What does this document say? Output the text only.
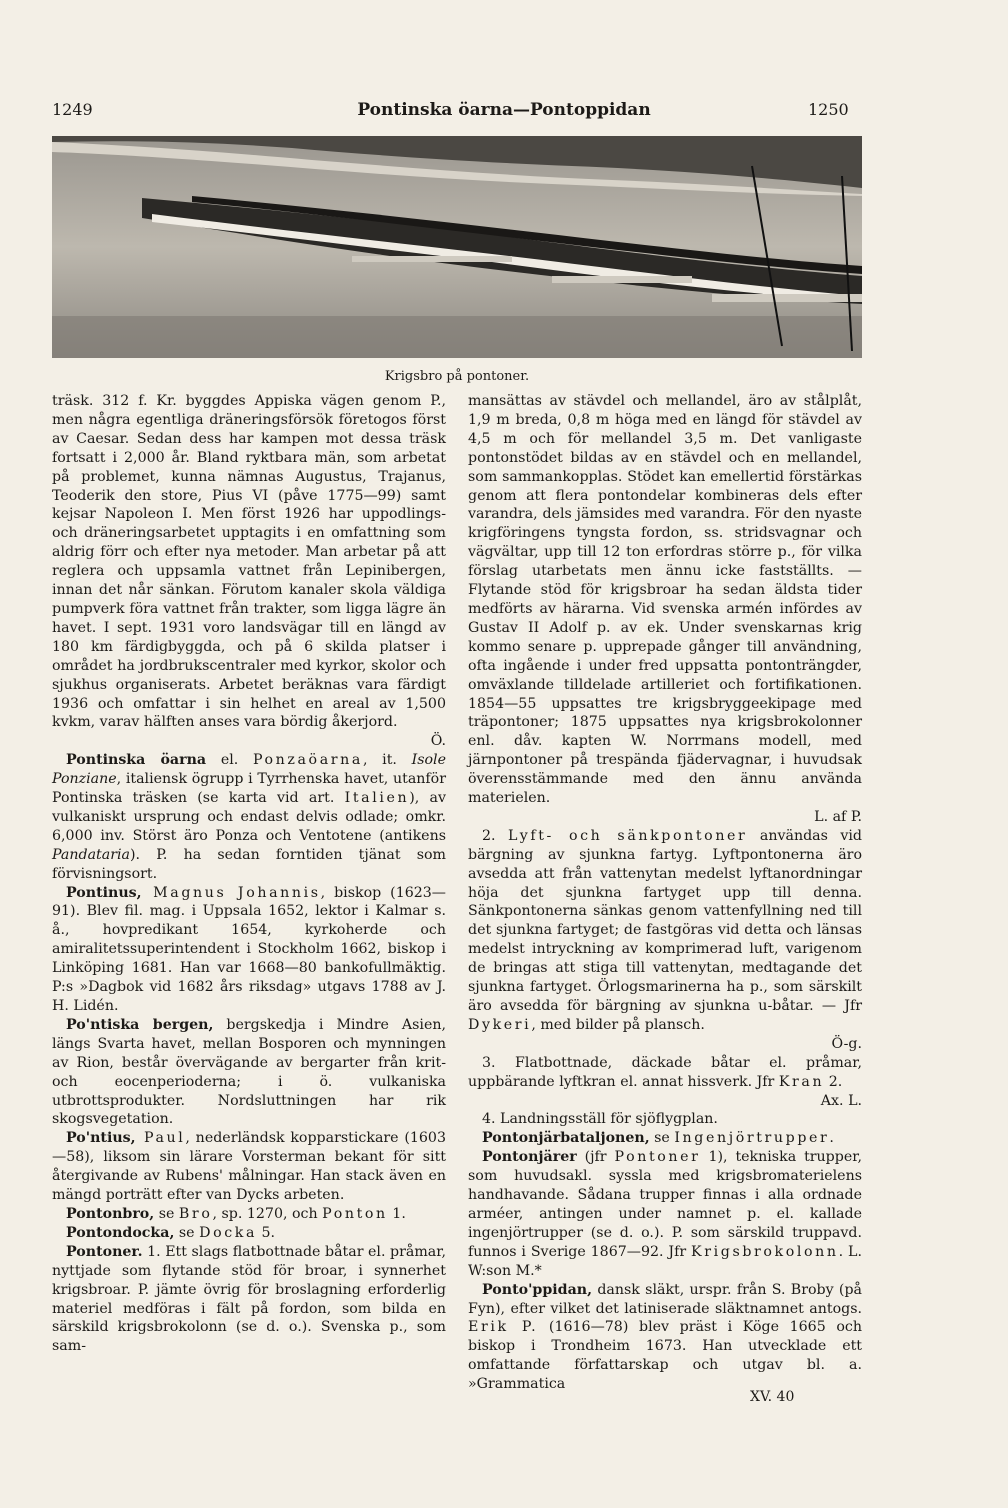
1249	Pontinska öarna—Pontoppidan	1250
Krigsbro på pontoner.

träsk. 312 f. Kr. byggdes Appiska vägen genom P., men några egentliga dräneringsförsök företogos först av Caesar. Sedan dess har kampen mot dessa träsk fortsatt i 2,000 år. Bland ryktbara män, som arbetat på problemet, kunna nämnas Augustus, Trajanus, Teoderik den store, Pius VI (påve 1775—99) samt kejsar Napoleon I. Men först 1926 har uppodlings- och dräneringsarbetet upptagits i en omfattning som aldrig förr och efter nya metoder. Man arbetar på att reglera och uppsamla vattnet från Lepinibergen, innan det når sänkan. Förutom kanaler skola väldiga pumpverk föra vattnet från trakter, som ligga lägre än havet. I sept. 1931 voro landsvägar till en längd av 180 km färdigbyggda, och på 6 skilda platser i området ha jordbrukscentraler med kyrkor, skolor och sjukhus organiserats. Arbetet beräknas vara färdigt 1936 och omfattar i sin helhet en areal av 1,500 kvkm, varav hälften anses vara bördig åkerjord.
Ö.

Pontinska öarna el. Ponzaöarna, it. Isole Ponziane, italiensk ögrupp i Tyrrhenska havet, utanför Pontinska träsken (se karta vid art. Italien), av vulkaniskt ursprung och endast delvis odlade; omkr. 6,000 inv. Störst äro Ponza och Ventotene (antikens Pandataria). P. ha sedan forntiden tjänat som förvisningsort.

Pontinus, Magnus Johannis, biskop (1623—91). Blev fil. mag. i Uppsala 1652, lektor i Kalmar s. å., hovpredikant 1654, kyrkoherde och amiralitetssuperintendent i Stockholm 1662, biskop i Linköping 1681. Han var 1668—80 bankofullmäktig. P:s »Dagbok vid 1682 års riksdag» utgavs 1788 av J. H. Lidén.

Po'ntiska bergen, bergskedja i Mindre Asien, längs Svarta havet, mellan Bosporen och mynningen av Rion, består övervägande av bergarter från krit- och eocenperioderna; i ö. vulkaniska utbrottsprodukter. Nordsluttningen har rik skogsvegetation.

Po'ntius, Paul, nederländsk kopparstickare (1603—58), liksom sin lärare Vorsterman bekant för sitt återgivande av Rubens' målningar. Han stack även en mängd porträtt efter van Dycks arbeten.

Pontonbro, se Bro, sp. 1270, och Ponton 1.

Pontondocka, se Docka 5.

Pontoner. 1. Ett slags flatbottnade båtar el. pråmar, nyttjade som flytande stöd för broar, i synnerhet krigsbroar. P. jämte övrig för broslagning erforderlig materiel medföras i fält på fordon, som bilda en särskild krigsbrokolonn (se d. o.). Svenska p., som sam-

mansättas av stävdel och mellandel, äro av stålplåt, 1,9 m breda, 0,8 m höga med en längd för stävdel av 4,5 m och för mellandel 3,5 m. Det vanligaste pontonstödet bildas av en stävdel och en mellandel, som sammankopplas. Stödet kan emellertid förstärkas genom att flera pontondelar kombineras dels efter varandra, dels jämsides med varandra. För den nyaste krigföringens tyngsta fordon, ss. stridsvagnar och vägvältar, upp till 12 ton erfordras större p., för vilka förslag utarbetats men ännu icke fastställts. — Flytande stöd för krigsbroar ha sedan äldsta tider medförts av härarna. Vid svenska armén infördes av Gustav II Adolf p. av ek. Under svenskarnas krig kommo senare p. upprepade gånger till användning, ofta ingående i under fred uppsatta pontonträngder, omväxlande tilldelade artilleriet och fortifikationen. 1854—55 uppsattes tre krigsbryggeekipage med träpontoner; 1875 uppsattes nya krigsbrokolonner enl. dåv. kapten W. Norrmans modell, med järnpontoner på trespända fjädervagnar, i huvudsak överensstämmande med den ännu använda materielen.
L. af P.

2. Lyft- och sänkpontoner användas vid bärgning av sjunkna fartyg. Lyftpontonerna äro avsedda att från vattenytan medelst lyftanordningar höja det sjunkna fartyget upp till denna. Sänkpontonerna sänkas genom vattenfyllning ned till det sjunkna fartyget; de fastgöras vid detta och länsas medelst intryckning av komprimerad luft, varigenom de bringas att stiga till vattenytan, medtagande det sjunkna fartyget. Örlogsmarinerna ha p., som särskilt äro avsedda för bärgning av sjunkna u-båtar. — Jfr Dykeri, med bilder på plansch.
Ö-g.

3. Flatbottnade, däckade båtar el. pråmar, uppbärande lyftkran el. annat hissverk. Jfr Kran 2.
Ax. L.

4. Landningsställ för sjöflygplan.

Pontonjärbataljonen, se Ingenjörtrupper.

Pontonjärer (jfr Pontoner 1), tekniska trupper, som huvudsakl. syssla med krigsbromaterielens handhavande. Sådana trupper finnas i alla ordnade arméer, antingen under namnet p. el. kallade ingenjörtrupper (se d. o.). P. som särskild truppavd. funnos i Sverige 1867—92. Jfr Krigsbrokolonn. L. W:son M.*

Ponto'ppidan, dansk släkt, urspr. från S. Broby (på Fyn), efter vilket det latiniserade släktnamnet antogs. Erik P. (1616—78) blev präst i Köge 1665 och biskop i Trondheim 1673. Han utvecklade ett omfattande författarskap och utgav bl. a. »Grammatica

XV. 40
